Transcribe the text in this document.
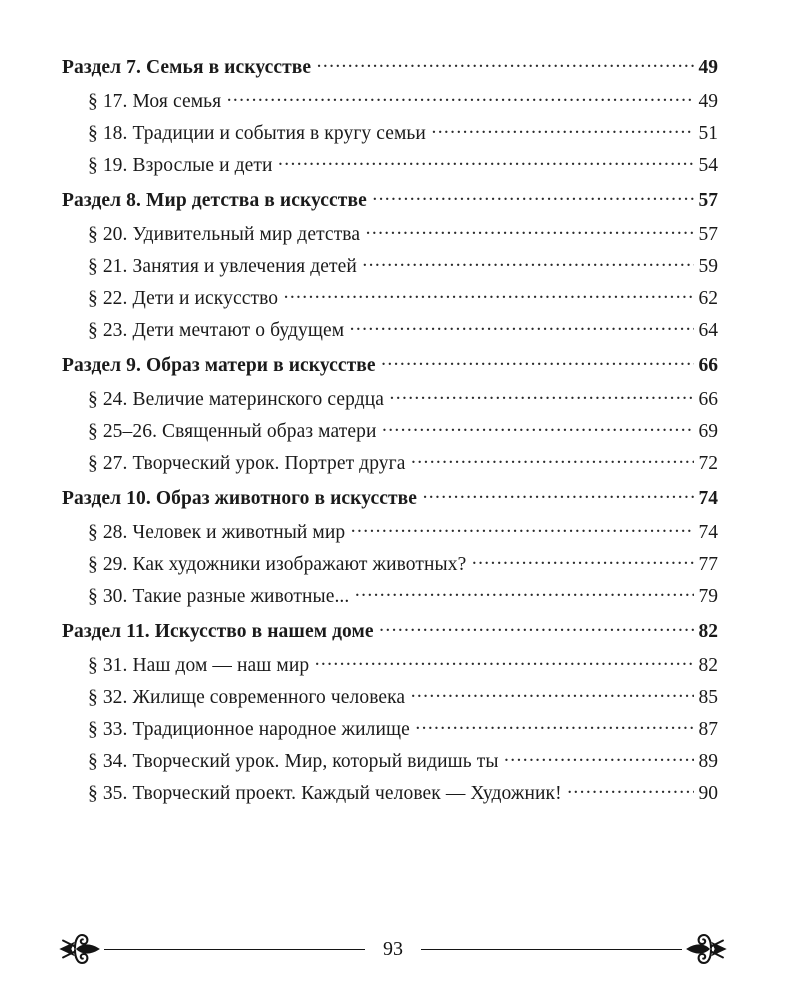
Раздел 7. Семья в искусстве .....	49
§ 17. Моя семья .....	49
§ 18. Традиции и события в кругу семьи .....	51
§ 19. Взрослые и дети .....	54
Раздел 8. Мир детства в искусстве .....	57
§ 20. Удивительный мир детства .....	57
§ 21. Занятия и увлечения детей .....	59
§ 22. Дети и искусство .....	62
§ 23. Дети мечтают о будущем .....	64
Раздел 9. Образ матери в искусстве .....	66
§ 24. Величие материнского сердца .....	66
§ 25–26. Священный образ матери .....	69
§ 27. Творческий урок. Портрет друга .....	72
Раздел 10. Образ животного в искусстве .....	74
§ 28. Человек и животный мир .....	74
§ 29. Как художники изображают животных? .....	77
§ 30. Такие разные животные... .....	79
Раздел 11. Искусство в нашем доме .....	82
§ 31. Наш дом — наш мир .....	82
§ 32. Жилище современного человека .....	85
§ 33. Традиционное народное жилище .....	87
§ 34. Творческий урок. Мир, который видишь ты .....	89
§ 35. Творческий проект. Каждый человек — Художник! .....	90
93
